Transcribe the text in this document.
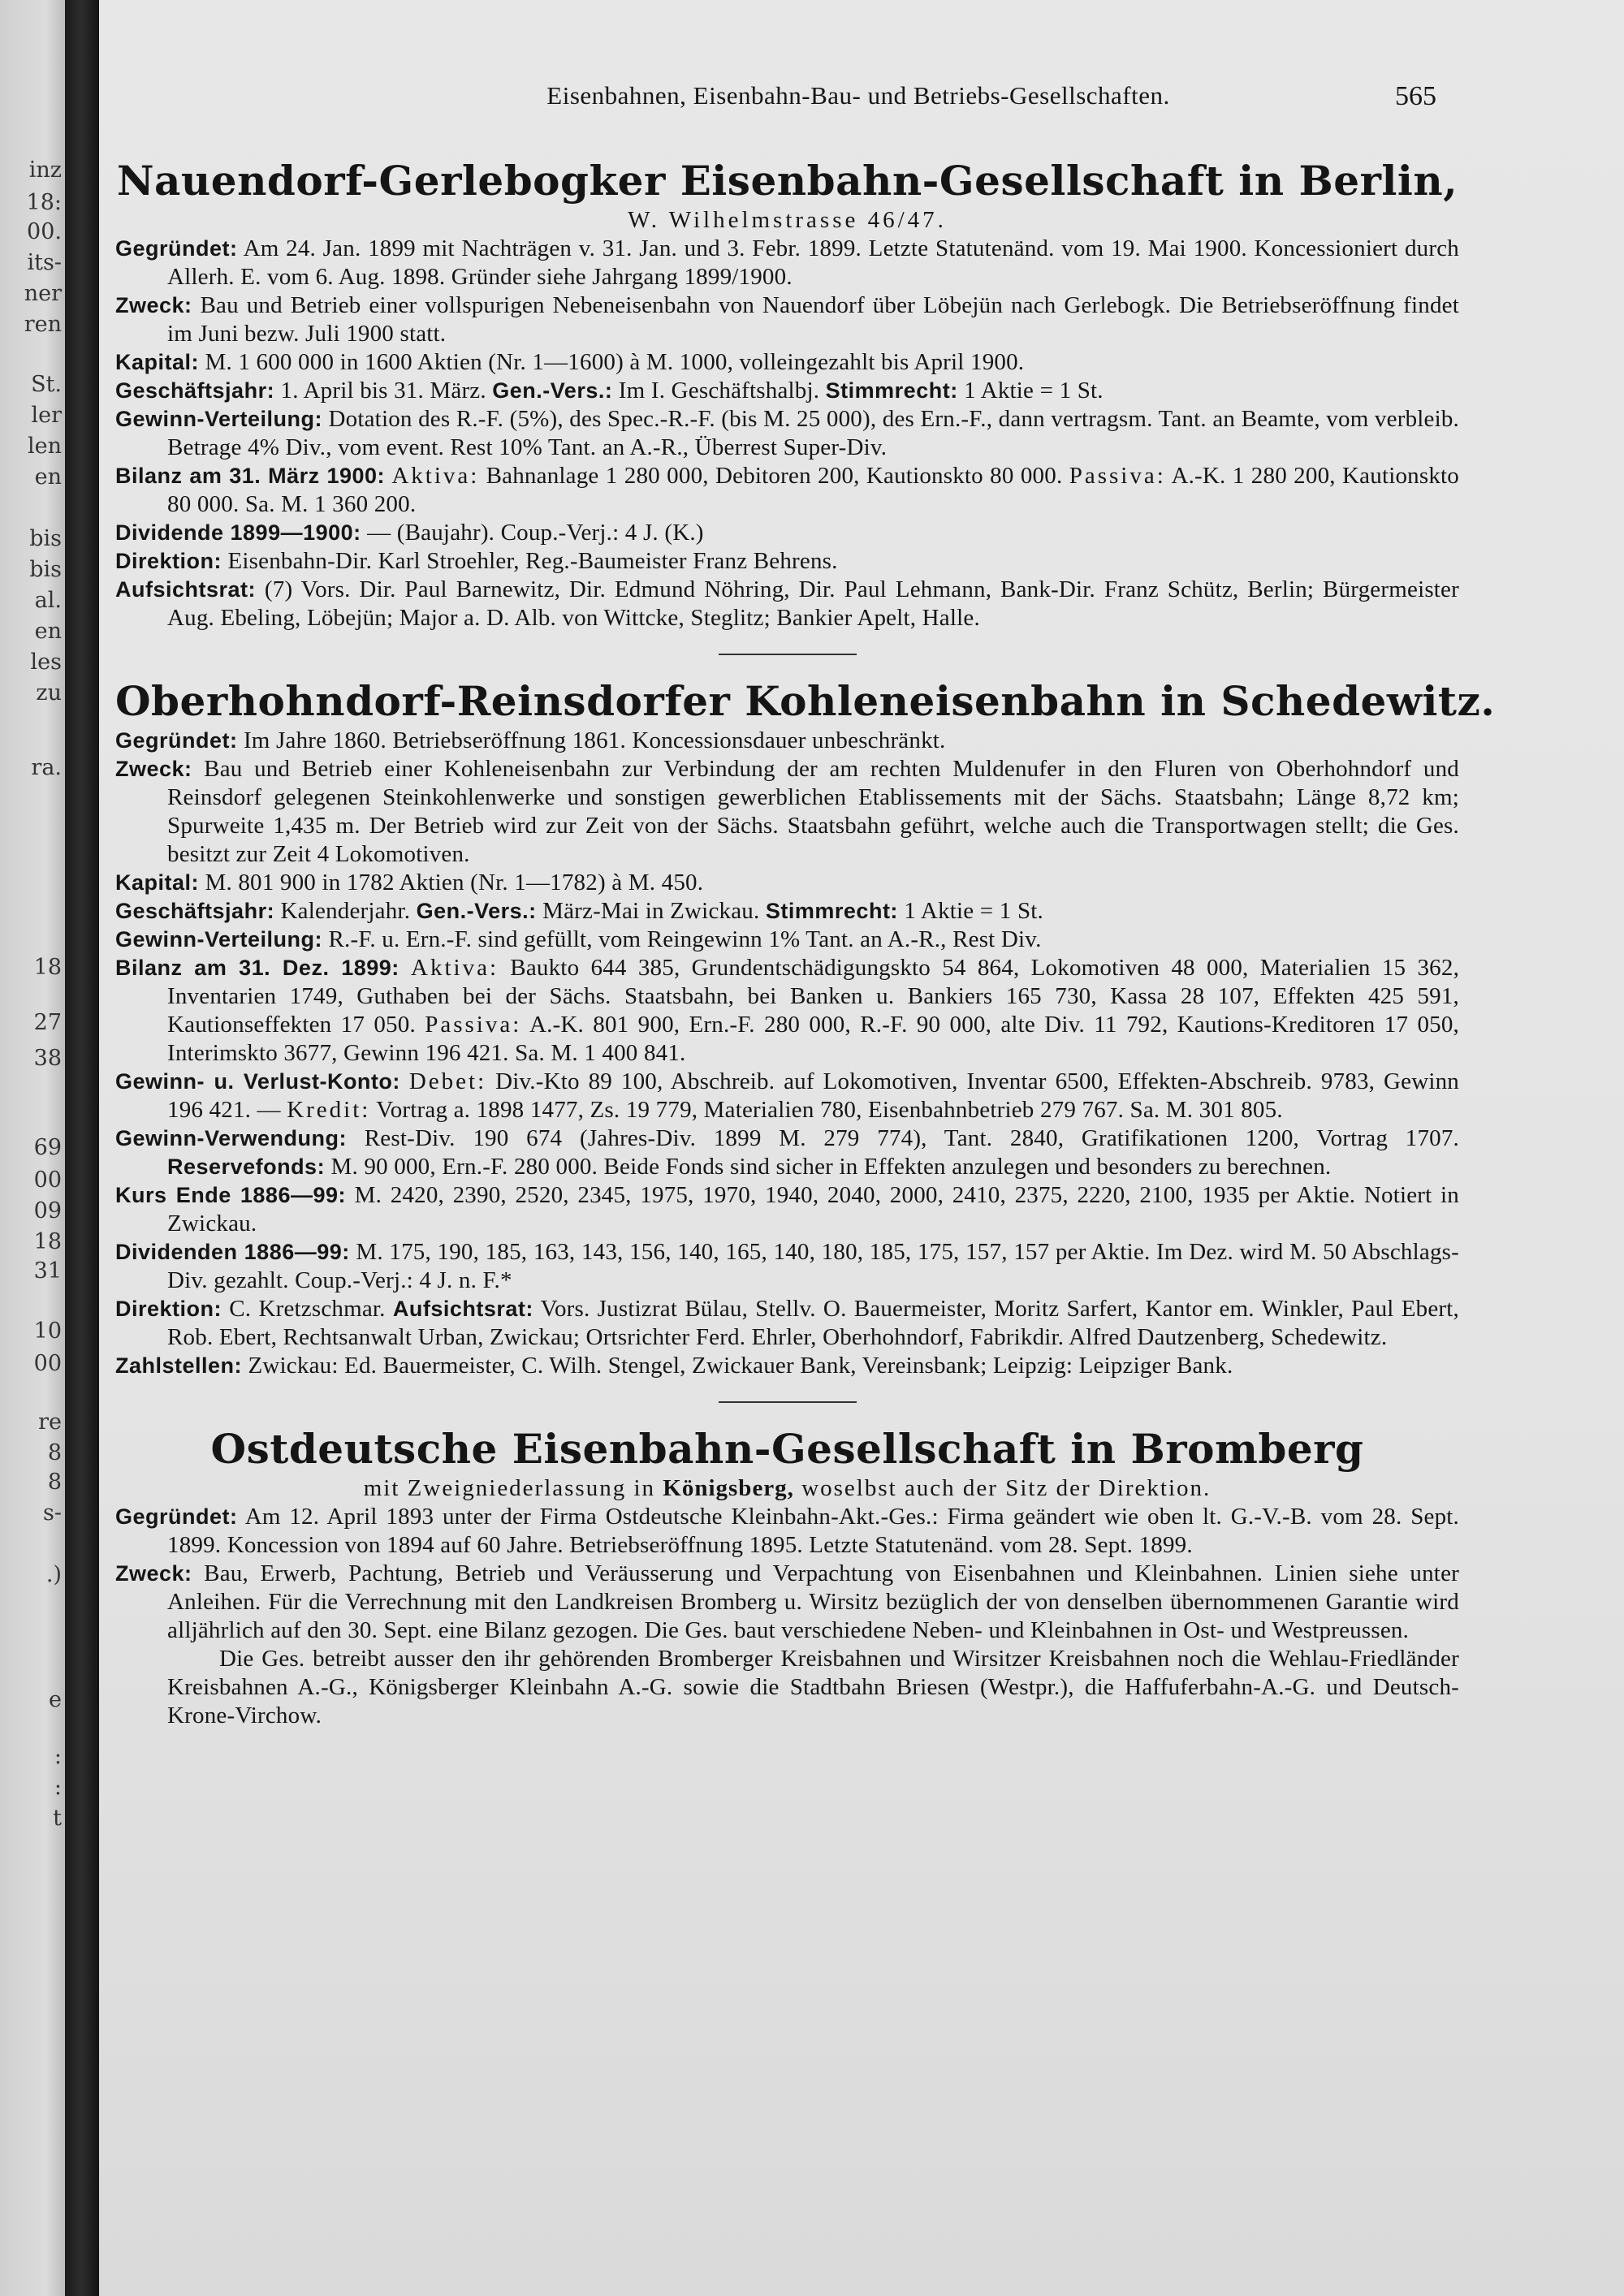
inz
18:
00.
its-
ner
ren
St.
ler
len
en
bis
bis
al.
en
les
zu
ra.
18
27
38
69
00
09
18
31
10
00
re
8
8
s-
.)
e
:
:
t
Eisenbahnen, Eisenbahn-Bau- und Betriebs-Gesellschaften.	565
Nauendorf-Gerlebogker Eisenbahn-Gesellschaft in Berlin,

W. Wilhelmstrasse 46/47.

Gegründet: Am 24. Jan. 1899 mit Nachträgen v. 31. Jan. und 3. Febr. 1899. Letzte Statutenänd. vom 19. Mai 1900. Koncessioniert durch Allerh. E. vom 6. Aug. 1898. Gründer siehe Jahrgang 1899/1900.

Zweck: Bau und Betrieb einer vollspurigen Nebeneisenbahn von Nauendorf über Löbejün nach Gerlebogk. Die Betriebseröffnung findet im Juni bezw. Juli 1900 statt.

Kapital: M. 1 600 000 in 1600 Aktien (Nr. 1—1600) à M. 1000, volleingezahlt bis April 1900.

Geschäftsjahr: 1. April bis 31. März. Gen.-Vers.: Im I. Geschäftshalbj. Stimmrecht: 1 Aktie = 1 St.

Gewinn-Verteilung: Dotation des R.-F. (5%), des Spec.-R.-F. (bis M. 25 000), des Ern.-F., dann vertragsm. Tant. an Beamte, vom verbleib. Betrage 4% Div., vom event. Rest 10% Tant. an A.-R., Überrest Super-Div.

Bilanz am 31. März 1900: Aktiva: Bahnanlage 1 280 000, Debitoren 200, Kautionskto 80 000. Passiva: A.-K. 1 280 200, Kautionskto 80 000. Sa. M. 1 360 200.

Dividende 1899—1900: — (Baujahr). Coup.-Verj.: 4 J. (K.)

Direktion: Eisenbahn-Dir. Karl Stroehler, Reg.-Baumeister Franz Behrens.

Aufsichtsrat: (7) Vors. Dir. Paul Barnewitz, Dir. Edmund Nöhring, Dir. Paul Lehmann, Bank-Dir. Franz Schütz, Berlin; Bürgermeister Aug. Ebeling, Löbejün; Major a. D. Alb. von Wittcke, Steglitz; Bankier Apelt, Halle.

Oberhohndorf-Reinsdorfer Kohleneisenbahn in Schedewitz.

Gegründet: Im Jahre 1860. Betriebseröffnung 1861. Koncessionsdauer unbeschränkt.

Zweck: Bau und Betrieb einer Kohleneisenbahn zur Verbindung der am rechten Muldenufer in den Fluren von Oberhohndorf und Reinsdorf gelegenen Steinkohlenwerke und sonstigen gewerblichen Etablissements mit der Sächs. Staatsbahn; Länge 8,72 km; Spurweite 1,435 m. Der Betrieb wird zur Zeit von der Sächs. Staatsbahn geführt, welche auch die Transportwagen stellt; die Ges. besitzt zur Zeit 4 Lokomotiven.

Kapital: M. 801 900 in 1782 Aktien (Nr. 1—1782) à M. 450.

Geschäftsjahr: Kalenderjahr. Gen.-Vers.: März-Mai in Zwickau. Stimmrecht: 1 Aktie = 1 St.

Gewinn-Verteilung: R.-F. u. Ern.-F. sind gefüllt, vom Reingewinn 1% Tant. an A.-R., Rest Div.

Bilanz am 31. Dez. 1899: Aktiva: Baukto 644 385, Grundentschädigungskto 54 864, Lokomotiven 48 000, Materialien 15 362, Inventarien 1749, Guthaben bei der Sächs. Staatsbahn, bei Banken u. Bankiers 165 730, Kassa 28 107, Effekten 425 591, Kautionseffekten 17 050. Passiva: A.-K. 801 900, Ern.-F. 280 000, R.-F. 90 000, alte Div. 11 792, Kautions-Kreditoren 17 050, Interimskto 3677, Gewinn 196 421. Sa. M. 1 400 841.

Gewinn- u. Verlust-Konto: Debet: Div.-Kto 89 100, Abschreib. auf Lokomotiven, Inventar 6500, Effekten-Abschreib. 9783, Gewinn 196 421. — Kredit: Vortrag a. 1898 1477, Zs. 19 779, Materialien 780, Eisenbahnbetrieb 279 767. Sa. M. 301 805.

Gewinn-Verwendung: Rest-Div. 190 674 (Jahres-Div. 1899 M. 279 774), Tant. 2840, Gratifikationen 1200, Vortrag 1707. Reservefonds: M. 90 000, Ern.-F. 280 000. Beide Fonds sind sicher in Effekten anzulegen und besonders zu berechnen.

Kurs Ende 1886—99: M. 2420, 2390, 2520, 2345, 1975, 1970, 1940, 2040, 2000, 2410, 2375, 2220, 2100, 1935 per Aktie. Notiert in Zwickau.

Dividenden 1886—99: M. 175, 190, 185, 163, 143, 156, 140, 165, 140, 180, 185, 175, 157, 157 per Aktie. Im Dez. wird M. 50 Abschlags-Div. gezahlt. Coup.-Verj.: 4 J. n. F.*

Direktion: C. Kretzschmar. Aufsichtsrat: Vors. Justizrat Bülau, Stellv. O. Bauermeister, Moritz Sarfert, Kantor em. Winkler, Paul Ebert, Rob. Ebert, Rechtsanwalt Urban, Zwickau; Ortsrichter Ferd. Ehrler, Oberhohndorf, Fabrikdir. Alfred Dautzenberg, Schedewitz.

Zahlstellen: Zwickau: Ed. Bauermeister, C. Wilh. Stengel, Zwickauer Bank, Vereinsbank; Leipzig: Leipziger Bank.

Ostdeutsche Eisenbahn-Gesellschaft in Bromberg

mit Zweigniederlassung in Königsberg, woselbst auch der Sitz der Direktion.

Gegründet: Am 12. April 1893 unter der Firma Ostdeutsche Kleinbahn-Akt.-Ges.: Firma geändert wie oben lt. G.-V.-B. vom 28. Sept. 1899. Koncession von 1894 auf 60 Jahre. Betriebseröffnung 1895. Letzte Statutenänd. vom 28. Sept. 1899.

Zweck: Bau, Erwerb, Pachtung, Betrieb und Veräusserung und Verpachtung von Eisenbahnen und Kleinbahnen. Linien siehe unter Anleihen. Für die Verrechnung mit den Landkreisen Bromberg u. Wirsitz bezüglich der von denselben übernommenen Garantie wird alljährlich auf den 30. Sept. eine Bilanz gezogen. Die Ges. baut verschiedene Neben- und Kleinbahnen in Ost- und Westpreussen.

Die Ges. betreibt ausser den ihr gehörenden Bromberger Kreisbahnen und Wirsitzer Kreisbahnen noch die Wehlau-Friedländer Kreisbahnen A.-G., Königsberger Kleinbahn A.-G. sowie die Stadtbahn Briesen (Westpr.), die Haffuferbahn-A.-G. und Deutsch-Krone-Virchow.
